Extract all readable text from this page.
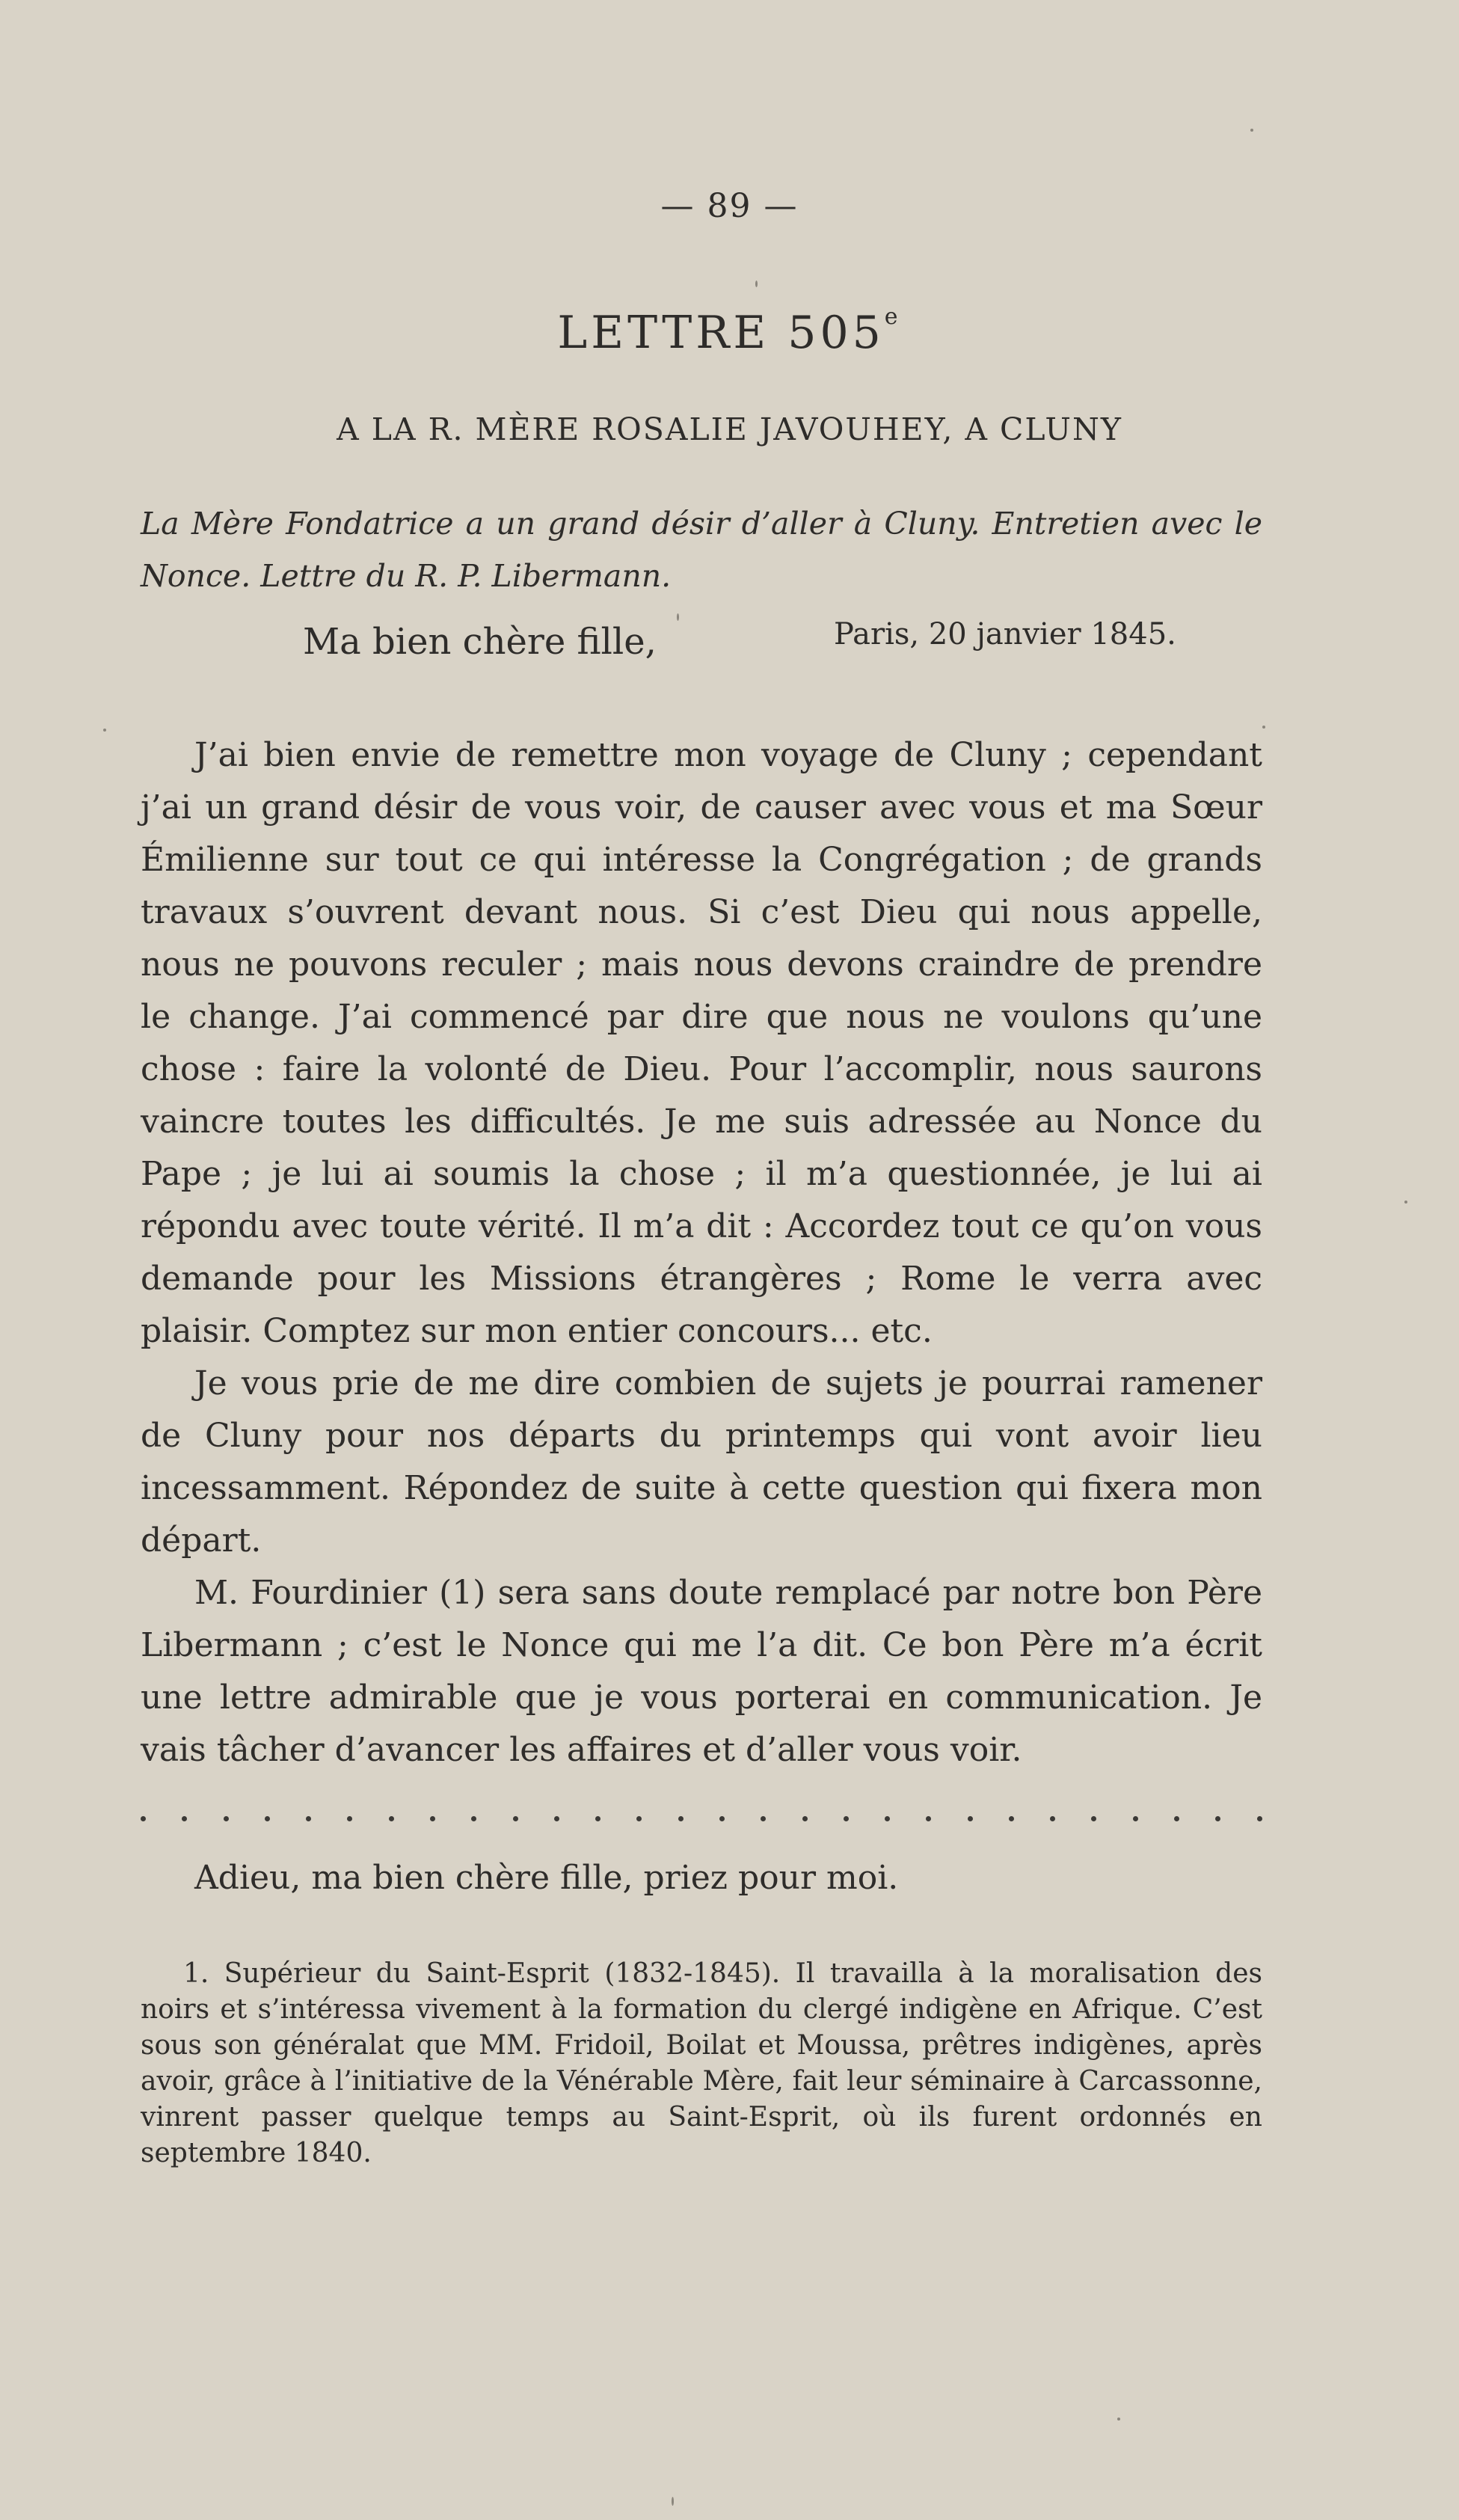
— 89 —
LETTRE 505e
A LA R. MÈRE ROSALIE JAVOUHEY, A CLUNY
La Mère Fondatrice a un grand désir d’aller à Cluny. Entretien avec le Nonce. Lettre du R. P. Libermann.
Paris, 20 janvier 1845.
Ma bien chère fille,

J’ai bien envie de remettre mon voyage de Cluny ; cependant j’ai un grand désir de vous voir, de causer avec vous et ma Sœur Émilienne sur tout ce qui intéresse la Congrégation ; de grands travaux s’ouvrent devant nous. Si c’est Dieu qui nous appelle, nous ne pouvons reculer ; mais nous devons craindre de prendre le change. J’ai commencé par dire que nous ne voulons qu’une chose : faire la volonté de Dieu. Pour l’accomplir, nous saurons vaincre toutes les difficultés. Je me suis adressée au Nonce du Pape ; je lui ai soumis la chose ; il m’a questionnée, je lui ai répondu avec toute vérité. Il m’a dit : Accordez tout ce qu’on vous demande pour les Missions étrangères ; Rome le verra avec plaisir. Comptez sur mon entier concours... etc.

Je vous prie de me dire combien de sujets je pourrai ramener de Cluny pour nos départs du printemps qui vont avoir lieu incessamment. Répondez de suite à cette question qui fixera mon départ.

M. Fourdinier (1) sera sans doute remplacé par notre bon Père Libermann ; c’est le Nonce qui me l’a dit. Ce bon Père m’a écrit une lettre admirable que je vous porterai en communication. Je vais tâcher d’avancer les affaires et d’aller vous voir.

Adieu, ma bien chère fille, priez pour moi.
1. Supérieur du Saint-Esprit (1832-1845). Il travailla à la moralisation des noirs et s’intéressa vivement à la formation du clergé indigène en Afrique. C’est sous son généralat que MM. Fridoil, Boilat et Moussa, prêtres indigènes, après avoir, grâce à l’initiative de la Vénérable Mère, fait leur séminaire à Carcassonne, vinrent passer quelque temps au Saint-Esprit, où ils furent ordonnés en septembre 1840.
